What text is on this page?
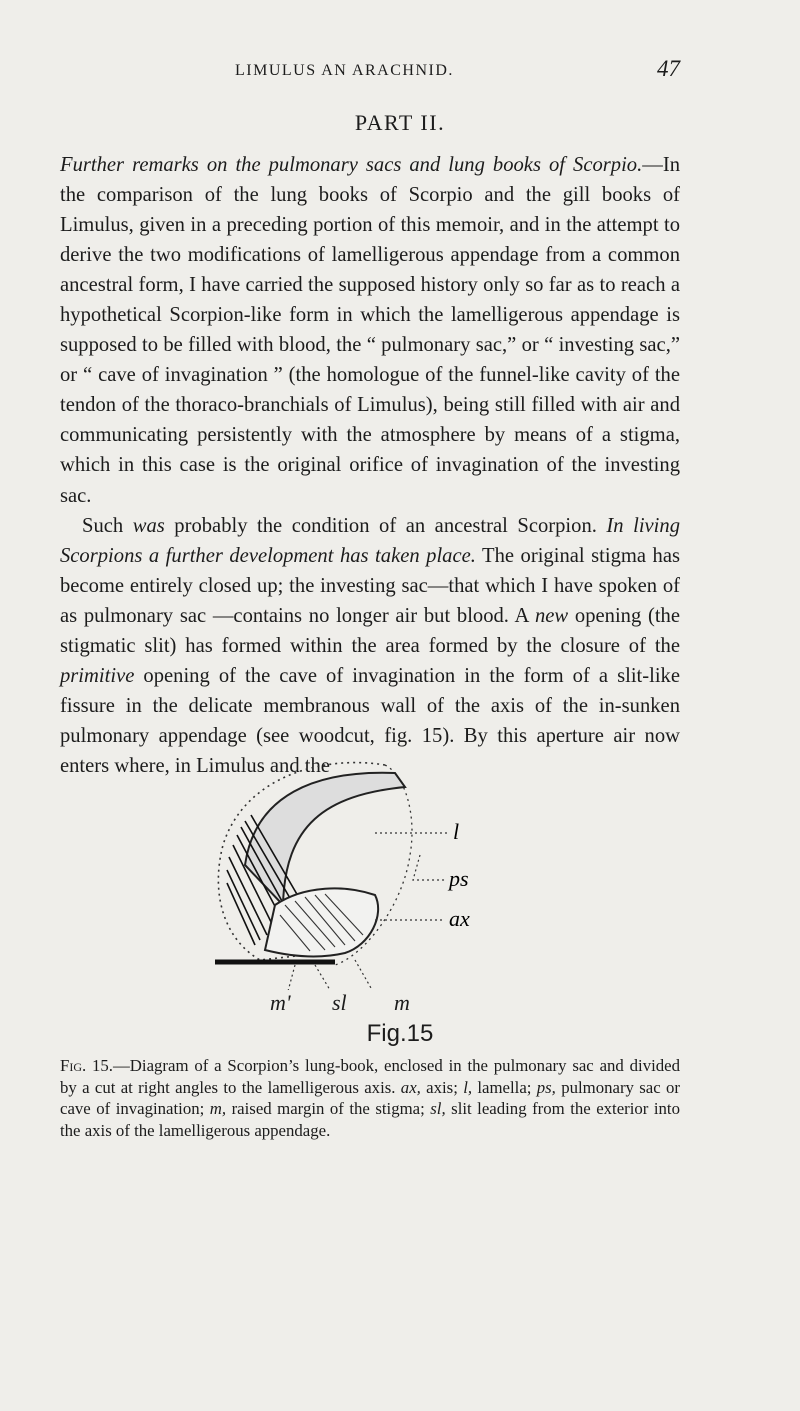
LIMULUS AN ARACHNID.	47
PART II.

Further remarks on the pulmonary sacs and lung books of Scorpio.—In the comparison of the lung books of Scorpio and the gill books of Limulus, given in a preceding portion of this memoir, and in the attempt to derive the two modifications of lamelligerous appendage from a common ancestral form, I have carried the supposed history only so far as to reach a hypothetical Scorpion-like form in which the lamelligerous appendage is supposed to be filled with blood, the “ pulmonary sac,” or “ investing sac,” or “ cave of invagination ” (the homologue of the funnel-like cavity of the tendon of the thoraco-branchials of Limulus), being still filled with air and communicating persistently with the atmosphere by means of a stigma, which in this case is the original orifice of invagination of the investing sac.

Such was probably the condition of an ancestral Scorpion. In living Scorpions a further development has taken place. The original stigma has become entirely closed up; the investing sac—that which I have spoken of as pulmonary sac —contains no longer air but blood. A new opening (the stigmatic slit) has formed within the area formed by the closure of the primitive opening of the cave of invagination in the form of a slit-like fissure in the delicate membranous wall of the axis of the in-sunken pulmonary appendage (see woodcut, fig. 15). By this aperture air now enters where, in Limulus and the

l
ps
ax
m' sl m
Fig.15
Fig. 15.—Diagram of a Scorpion’s lung-book, enclosed in the pulmonary sac and divided by a cut at right angles to the lamelligerous axis. ax, axis; l, lamella; ps, pulmonary sac or cave of invagination; m, raised margin of the stigma; sl, slit leading from the exterior into the axis of the lamelligerous appendage.
